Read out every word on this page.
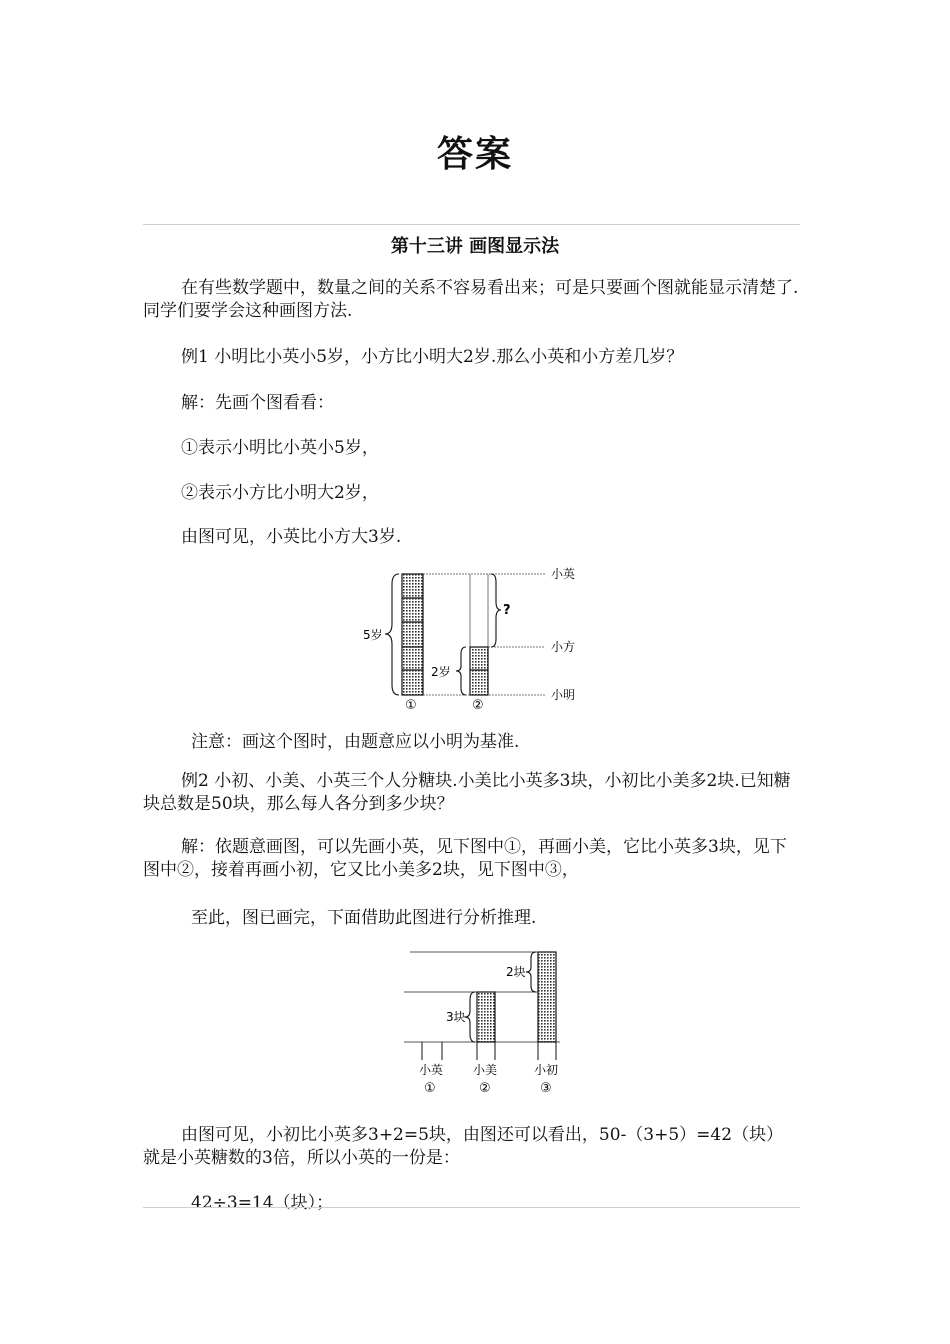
答案
第十三讲 画图显示法

在有些数学题中，数量之间的关系不容易看出来；可是只要画个图就能显示清楚了.同学们要学会这种画图方法.

例1 小明比小英小5岁，小方比小明大2岁.那么小英和小方差几岁？
解：先画个图看看：
①表示小明比小英小5岁，
②表示小方比小明大2岁，
由图可见，小英比小方大3岁.
5岁
2岁
?
小英
小方
小明
①	②
注意：画这个图时，由题意应以小明为基准.

例2 小初、小美、小英三个人分糖块.小美比小英多3块，小初比小美多2块.已知糖块总数是50块，那么每人各分到多少块？

解：依题意画图，可以先画小英，见下图中①，再画小美，它比小英多3块，见下图中②，接着再画小初，它又比小美多2块，见下图中③，

至此，图已画完，下面借助此图进行分析推理.
3块
2块
小英 小美	小初
①	②	③

由图可见，小初比小英多3+2=5块，由图还可以看出，50-（3+5）=42（块）就是小英糖数的3倍，所以小英的一份是：

42÷3=14（块）；
